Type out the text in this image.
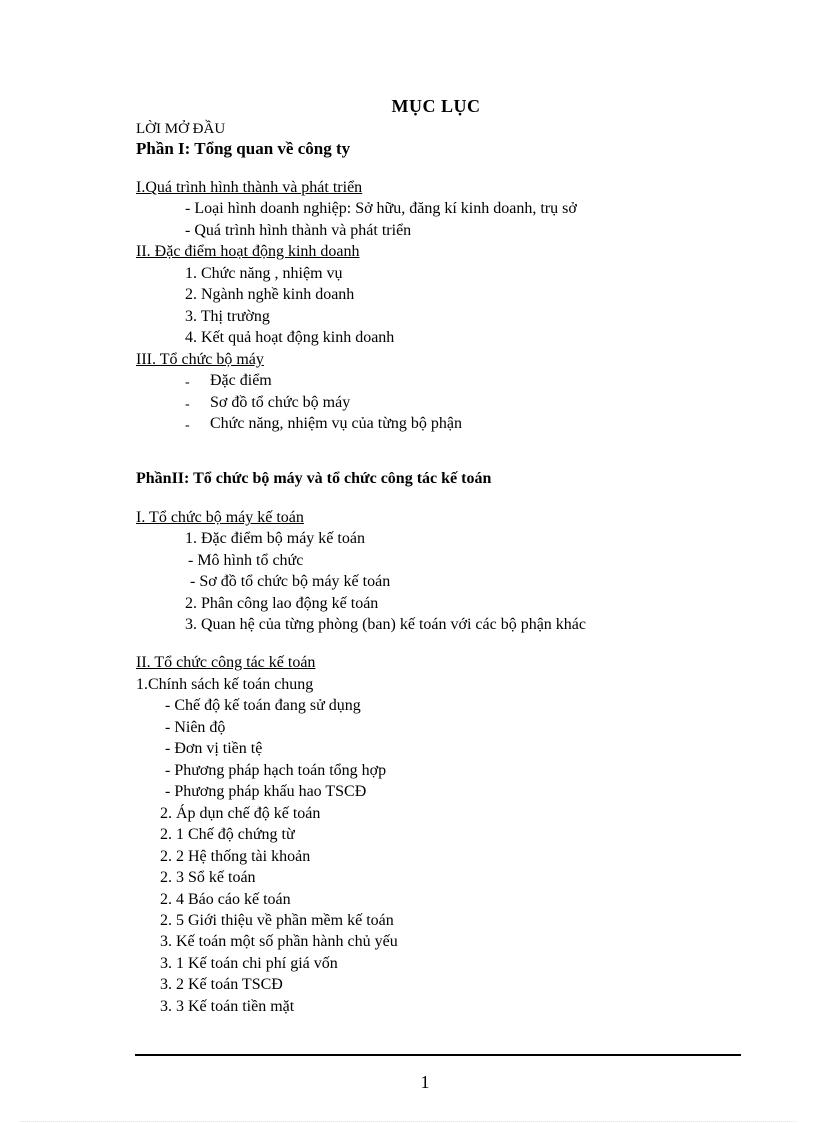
MỤC LỤC
LỜI MỞ ĐẦU
Phần I: Tổng quan về công ty
I.Quá trình hình thành và phát triển
- Loại hình doanh nghiệp: Sở hữu, đăng kí kinh doanh, trụ sở
- Quá trình hình thành và phát triển
II. Đặc điểm hoạt động kinh doanh
1. Chức năng , nhiệm vụ
2. Ngành nghề kinh doanh
3. Thị trường
4. Kết quả hoạt động kinh doanh
III. Tổ chức bộ máy
- Đặc điểm
- Sơ đồ tổ chức bộ máy
- Chức năng, nhiệm vụ của từng bộ phận
PhầnII: Tổ chức bộ máy và tổ chức công tác kế toán
I. Tổ chức bộ máy kế toán
1. Đặc điểm bộ máy kế toán
- Mô hình tổ chức
- Sơ đồ tổ chức bộ máy kế toán
2. Phân công lao động kế toán
3. Quan hệ của từng phòng (ban) kế toán với các bộ phận khác
II. Tổ chức công tác kế toán
1.Chính sách kế toán chung
- Chế độ kế toán đang sử dụng
- Niên độ
- Đơn vị tiền tệ
- Phương pháp hạch toán tổng hợp
- Phương pháp khấu hao TSCĐ
2. Áp dụn chế độ kế toán
2. 1 Chế độ chứng từ
2. 2 Hệ thống tài khoản
2. 3 Sổ kế toán
2. 4 Báo cáo kế toán
2. 5 Giới thiệu về phần mềm kế toán
3. Kế toán một số phần hành chủ yếu
3. 1 Kế toán chi phí giá vốn
3. 2 Kế toán TSCĐ
3. 3 Kế toán tiền mặt
1
